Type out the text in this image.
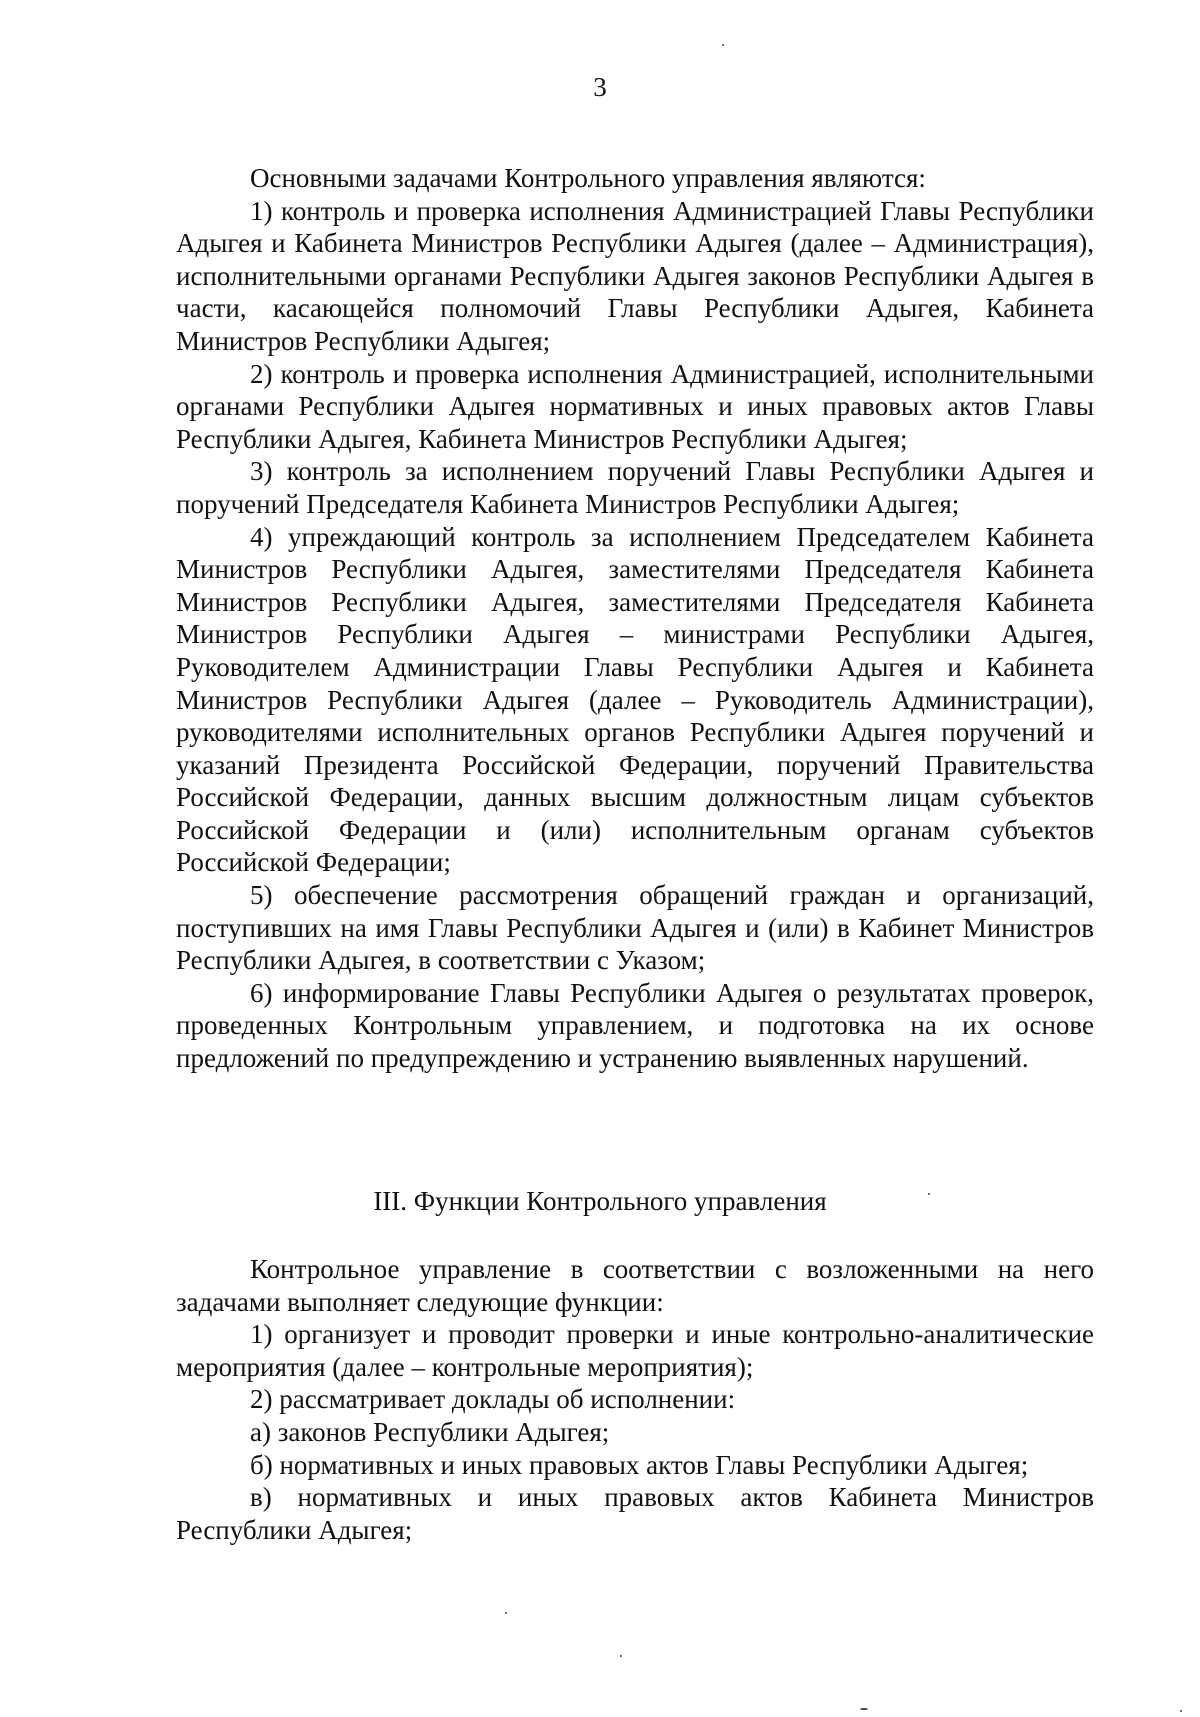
3

Основными задачами Контрольного управления являются:

1) контроль и проверка исполнения Администрацией Главы Республики Адыгея и Кабинета Министров Республики Адыгея (далее – Администрация), исполнительными органами Республики Адыгея законов Республики Адыгея в части, касающейся полномочий Главы Республики Адыгея, Кабинета Министров Республики Адыгея;

2) контроль и проверка исполнения Администрацией, исполнительными органами Республики Адыгея нормативных и иных правовых актов Главы Республики Адыгея, Кабинета Министров Республики Адыгея;

3) контроль за исполнением поручений Главы Республики Адыгея и поручений Председателя Кабинета Министров Республики Адыгея;

4) упреждающий контроль за исполнением Председателем Кабинета Министров Республики Адыгея, заместителями Председателя Кабинета Министров Республики Адыгея, заместителями Председателя Кабинета Министров Республики Адыгея – министрами Республики Адыгея, Руководителем Администрации Главы Республики Адыгея и Кабинета Министров Республики Адыгея (далее – Руководитель Администрации), руководителями исполнительных органов Республики Адыгея поручений и указаний Президента Российской Федерации, поручений Правительства Российской Федерации, данных высшим должностным лицам субъектов Российской Федерации и (или) исполнительным органам субъектов Российской Федерации;

5) обеспечение рассмотрения обращений граждан и организаций, поступивших на имя Главы Республики Адыгея и (или) в Кабинет Министров Республики Адыгея, в соответствии с Указом;

6) информирование Главы Республики Адыгея о результатах проверок, проведенных Контрольным управлением, и подготовка на их основе предложений по предупреждению и устранению выявленных нарушений.

III. Функции Контрольного управления

Контрольное управление в соответствии с возложенными на него задачами выполняет следующие функции:

1) организует и проводит проверки и иные контрольно-аналитические мероприятия (далее – контрольные мероприятия);

2) рассматривает доклады об исполнении:

а) законов Республики Адыгея;

б) нормативных и иных правовых актов Главы Республики Адыгея;

в) нормативных и иных правовых актов Кабинета Министров Республики Адыгея;
